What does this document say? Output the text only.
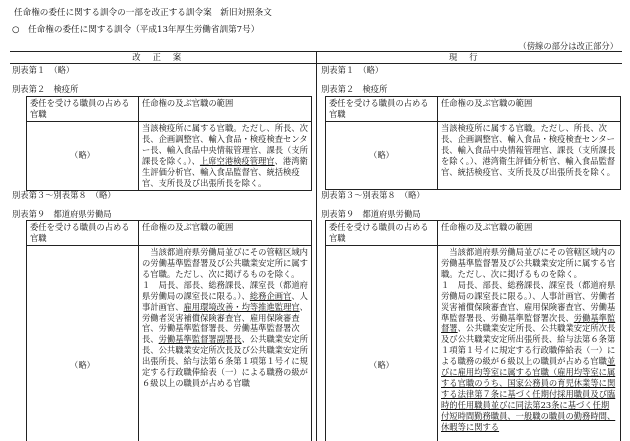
任命権の委任に関する訓令の一部を改正する訓令案　新旧対照条文
○　任命権の委任に関する訓令（平成13年厚生労働省訓第7号）
（傍線の部分は改正部分）
改正案	現行
別表第１　（略）
別表第２　検疫所
委任を受ける職員の占める官職	任命権の及ぶ官職の範囲
（略）	当該検疫所に属する官職。ただし、所長、次長、企画調整官、輸入食品・検疫検査センター長、輸入食品中央情報管理官、課長（支所課長を除く。）、上席空港検疫管理官、港湾衛生評価分析官、輸入食品監督官、統括検疫官、支所長及び出張所長を除く。
別表第３～別表第８　（略）
別表第９　都道府県労働局
委任を受ける職員の占める官職	任命権の及ぶ官職の範囲
（略）	当該都道府県労働局並びにその管轄区域内の労働基準監督署及び公共職業安定所に属する官職。ただし、次に掲げるものを除く。
１　局長、部長、総務課長、課室長（都道府県労働局の課室長に限る。）、総務企画官、人事計画官、雇用環境改善・均等推進監理官、労働者災害補償保険審査官、雇用保険審査官、労働基準監督署長、労働基準監督署次長、労働基準監督署副署長、公共職業安定所長、公共職業安定所次長及び公共職業安定所出張所長、給与法第６条第１項第１号イに規定する行政職俸給表（一）による職務の級が６級以上の職員が占める官職
別表第１　（略）
別表第２　検疫所
委任を受ける職員の占める官職	任命権の及ぶ官職の範囲
（略）	当該検疫所に属する官職。ただし、所長、次長、企画調整官、輸入食品・検疫検査センター長、輸入食品中央情報管理官、課長（支所課長を除く。）、港湾衛生評価分析官、輸入食品監督官、統括検疫官、支所長及び出張所長を除く。
別表第３～別表第８　（略）
別表第９　都道府県労働局
委任を受ける職員の占める官職	任命権の及ぶ官職の範囲
（略）	当該都道府県労働局並びにその管轄区域内の労働基準監督署及び公共職業安定所に属する官職。ただし、次に掲げるものを除く。
１　局長、部長、総務課長、課室長（都道府県労働局の課室長に限る。）、人事計画官、労働者災害補償保険審査官、雇用保険審査官、労働基準監督署長、労働基準監督署次長、労働基準監督署、公共職業安定所長、公共職業安定所次長及び公共職業安定所出張所長、給与法第６条第１項第１号イに規定する行政職俸給表（一）による職務の級が６級以上の職員が占める官職並びに雇用均等室に属する官職（雇用均等室に属する官職のうち、国家公務員の育児休業等に関する法律第７条に基づく任期付採用職員及び臨時的任用職員並びに同法第23条に基づく任期付短時間勤務職員、一般職の職員の勤務時間、休暇等に関する
